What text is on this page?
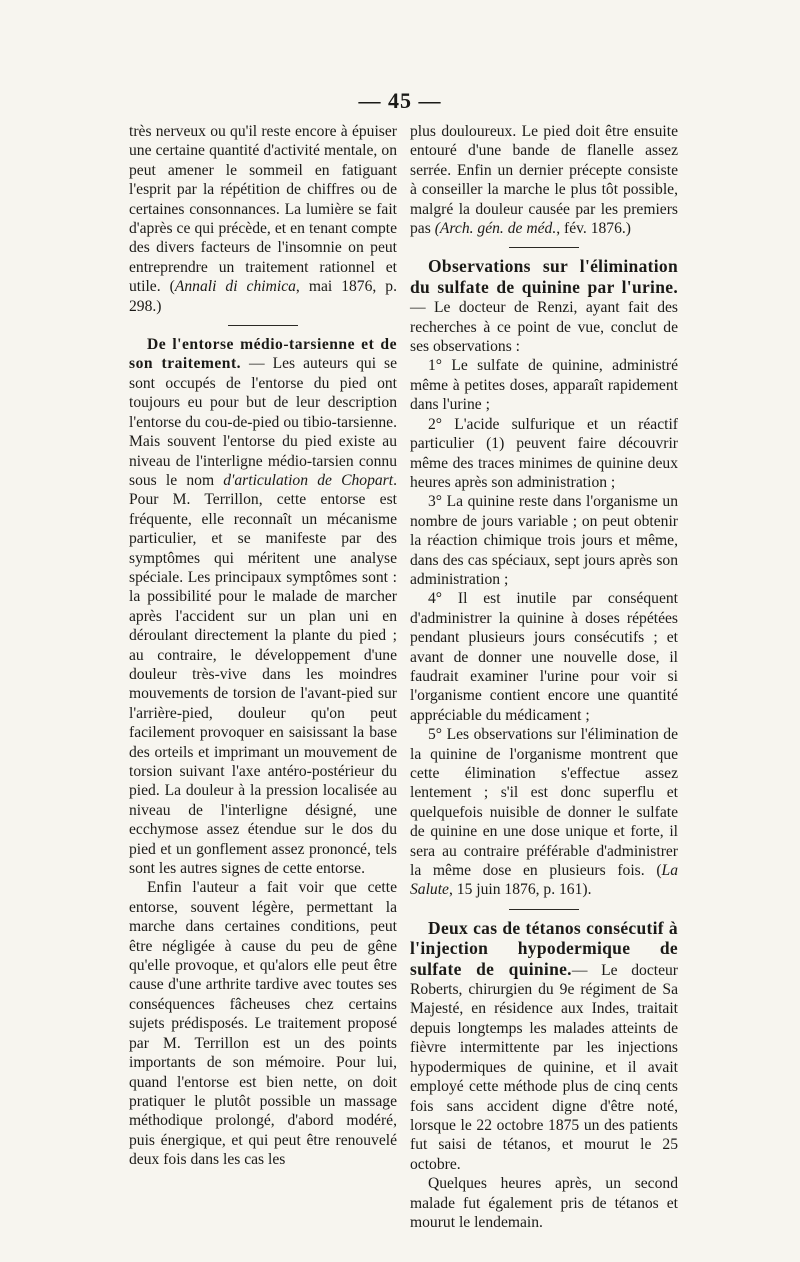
— 45 —

très nerveux ou qu'il reste encore à épuiser une certaine quantité d'activité mentale, on peut amener le sommeil en fatiguant l'esprit par la répétition de chiffres ou de certaines consonnances. La lumière se fait d'après ce qui précède, et en tenant compte des divers facteurs de l'insomnie on peut entreprendre un traitement rationnel et utile. (Annali di chimica, mai 1876, p. 298.)

De l'entorse médio-tarsienne et de son traitement. — Les auteurs qui se sont occupés de l'entorse du pied ont toujours eu pour but de leur description l'entorse du cou-de-pied ou tibio-tarsienne. Mais souvent l'entorse du pied existe au niveau de l'interligne médio-tarsien connu sous le nom d'articulation de Chopart. Pour M. Terrillon, cette entorse est fréquente, elle reconnaît un mécanisme particulier, et se manifeste par des symptômes qui méritent une analyse spéciale. Les principaux symptômes sont : la possibilité pour le malade de marcher après l'accident sur un plan uni en déroulant directement la plante du pied ; au contraire, le développement d'une douleur très-vive dans les moindres mouvements de torsion de l'avant-pied sur l'arrière-pied, douleur qu'on peut facilement provoquer en saisissant la base des orteils et imprimant un mouvement de torsion suivant l'axe antéro-postérieur du pied. La douleur à la pression localisée au niveau de l'interligne désigné, une ecchymose assez étendue sur le dos du pied et un gonflement assez prononcé, tels sont les autres signes de cette entorse.

Enfin l'auteur a fait voir que cette entorse, souvent légère, permettant la marche dans certaines conditions, peut être négligée à cause du peu de gêne qu'elle provoque, et qu'alors elle peut être cause d'une arthrite tardive avec toutes ses conséquences fâcheuses chez certains sujets prédisposés. Le traitement proposé par M. Terrillon est un des points importants de son mémoire. Pour lui, quand l'entorse est bien nette, on doit pratiquer le plutôt possible un massage méthodique prolongé, d'abord modéré, puis énergique, et qui peut être renouvelé deux fois dans les cas les

plus douloureux. Le pied doit être ensuite entouré d'une bande de flanelle assez serrée. Enfin un dernier précepte consiste à conseiller la marche le plus tôt possible, malgré la douleur causée par les premiers pas (Arch. gén. de méd., fév. 1876.)

Observations sur l'élimination du sulfate de quinine par l'urine. — Le docteur de Renzi, ayant fait des recherches à ce point de vue, conclut de ses observations :

1° Le sulfate de quinine, administré même à petites doses, apparaît rapidement dans l'urine ;

2° L'acide sulfurique et un réactif particulier (1) peuvent faire découvrir même des traces minimes de quinine deux heures après son administration ;

3° La quinine reste dans l'organisme un nombre de jours variable ; on peut obtenir la réaction chimique trois jours et même, dans des cas spéciaux, sept jours après son administration ;

4° Il est inutile par conséquent d'administrer la quinine à doses répétées pendant plusieurs jours consécutifs ; et avant de donner une nouvelle dose, il faudrait examiner l'urine pour voir si l'organisme contient encore une quantité appréciable du médicament ;

5° Les observations sur l'élimination de la quinine de l'organisme montrent que cette élimination s'effectue assez lentement ; s'il est donc superflu et quelquefois nuisible de donner le sulfate de quinine en une dose unique et forte, il sera au contraire préférable d'administrer la même dose en plusieurs fois. (La Salute, 15 juin 1876, p. 161).

Deux cas de tétanos consécutif à l'injection hypodermique de sulfate de quinine.— Le docteur Roberts, chirurgien du 9e régiment de Sa Majesté, en résidence aux Indes, traitait depuis longtemps les malades atteints de fièvre intermittente par les injections hypodermiques de quinine, et il avait employé cette méthode plus de cinq cents fois sans accident digne d'être noté, lorsque le 22 octobre 1875 un des patients fut saisi de tétanos, et mourut le 25 octobre.

Quelques heures après, un second malade fut également pris de tétanos et mourut le lendemain.
